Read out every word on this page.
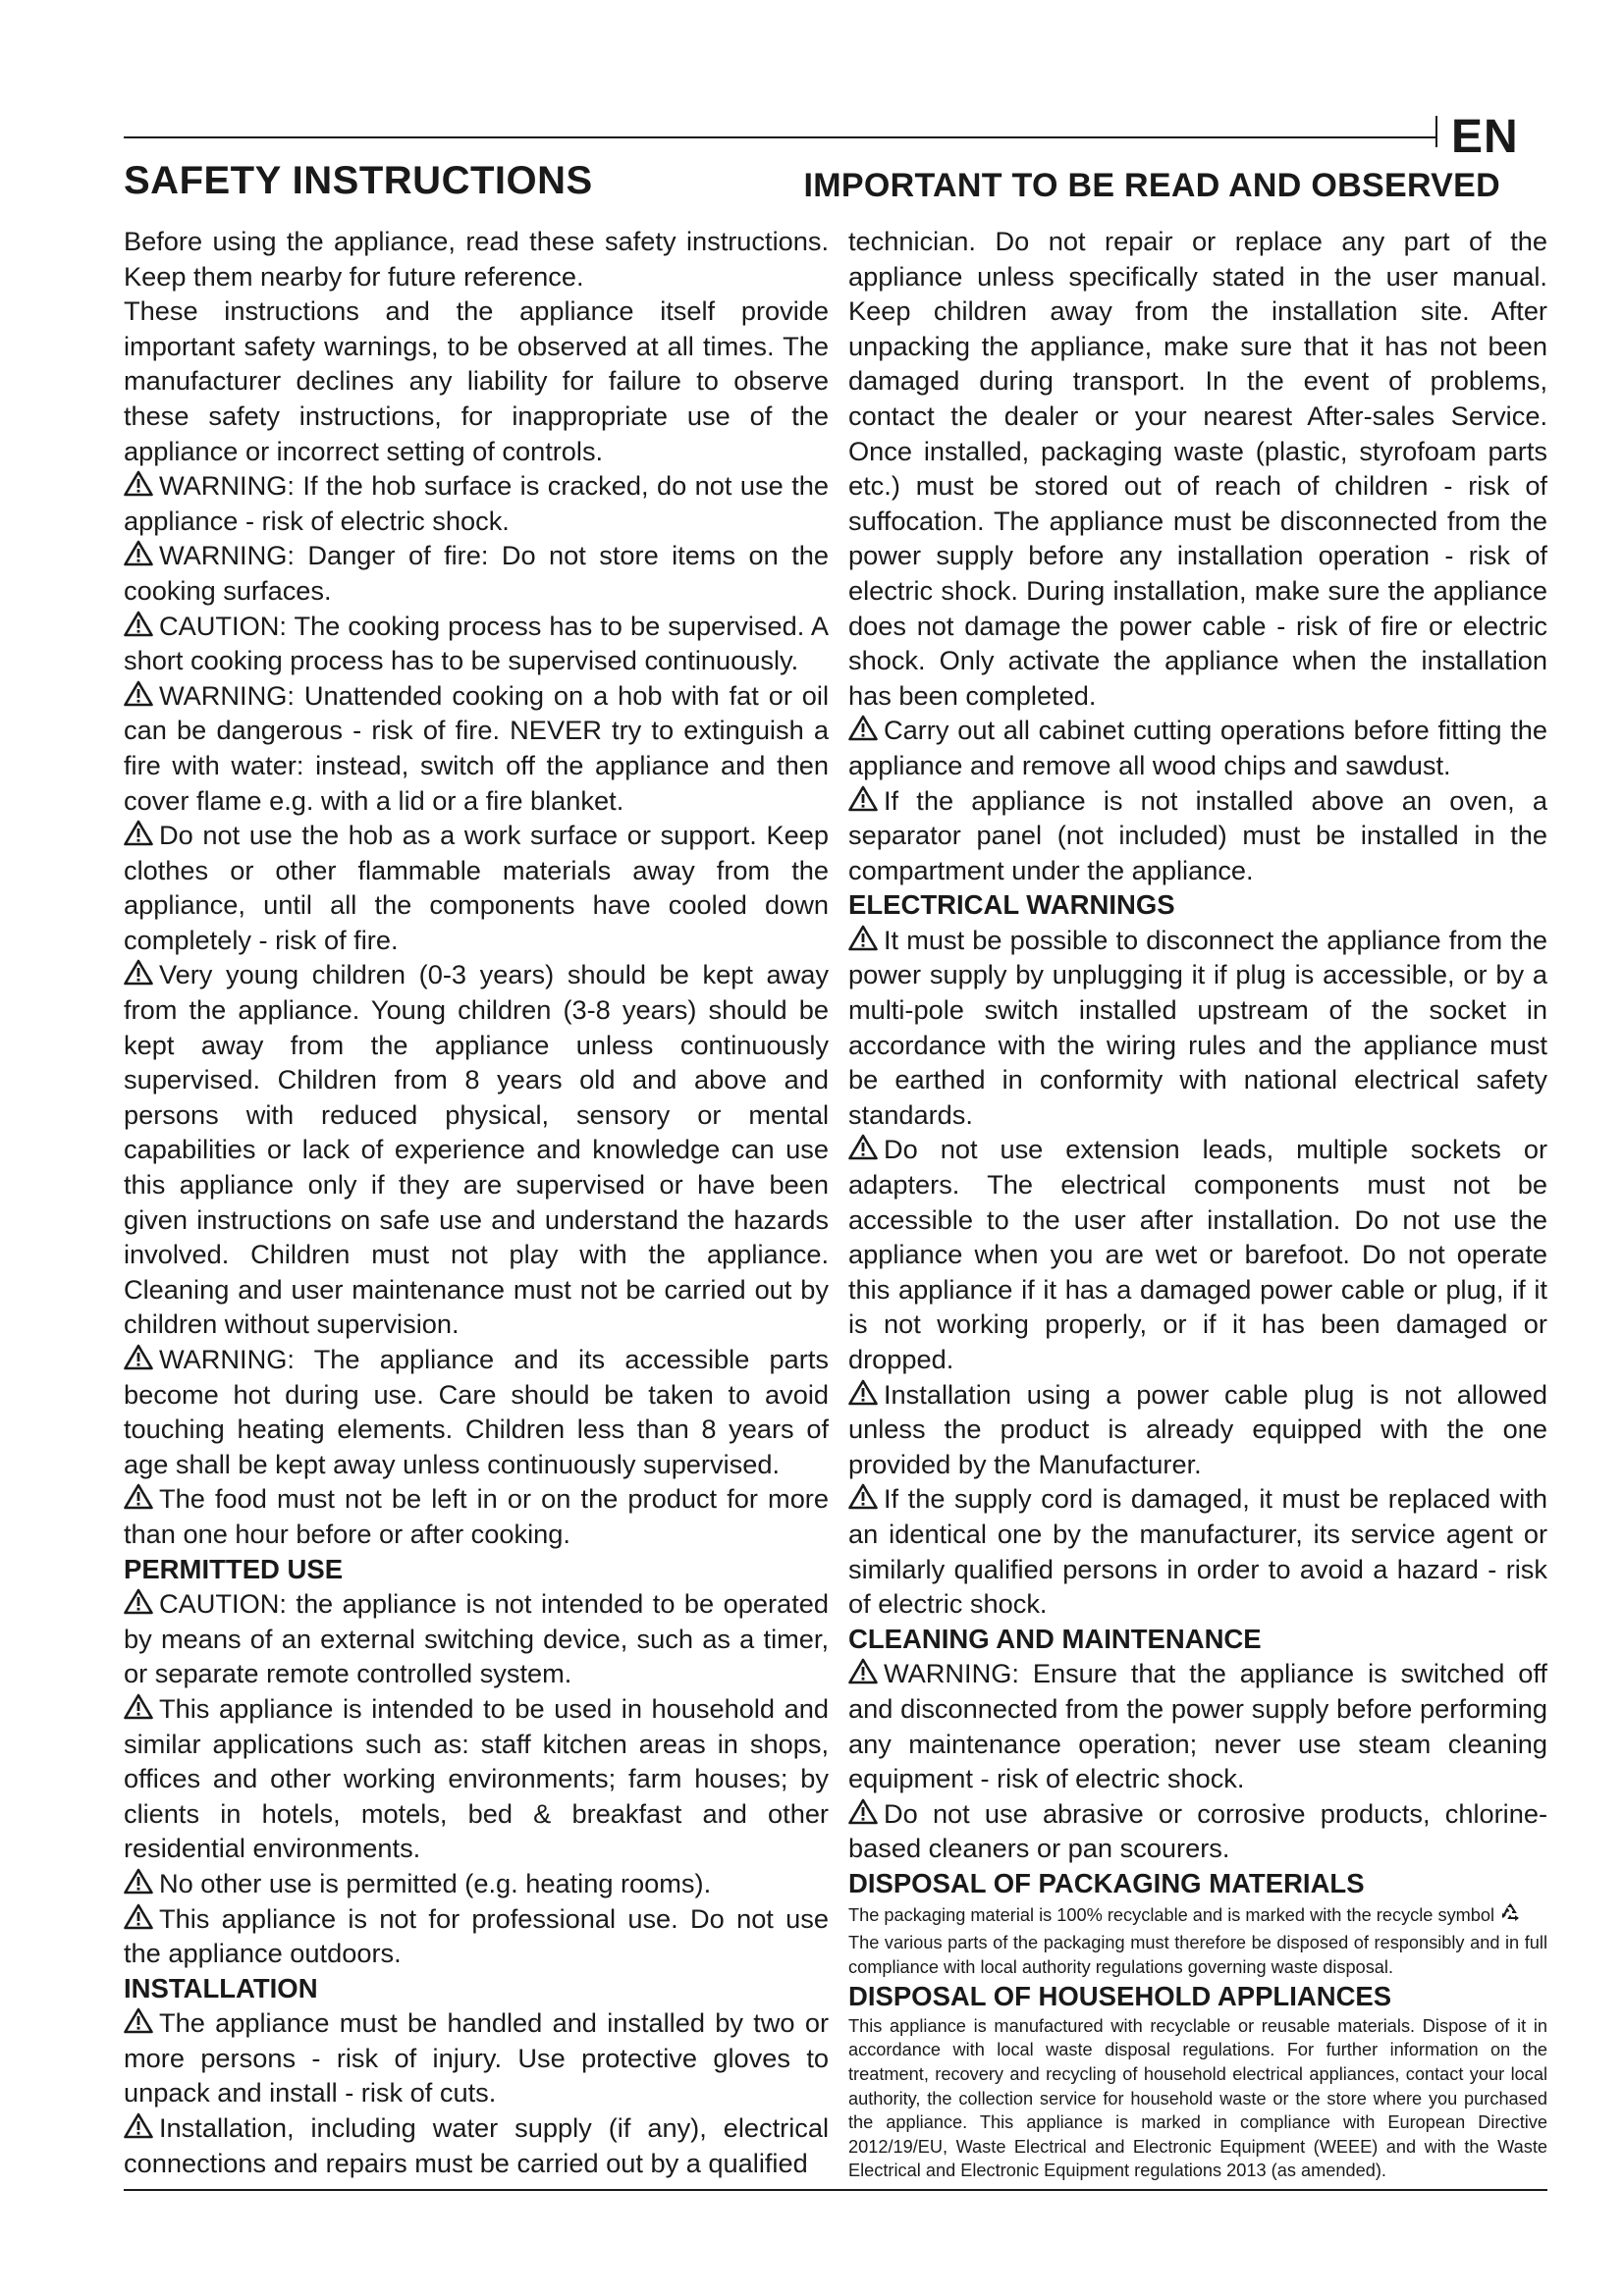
EN
SAFETY INSTRUCTIONS	IMPORTANT TO BE READ AND OBSERVED

Before using the appliance, read these safety instructions. Keep them nearby for future reference.

These instructions and the appliance itself provide important safety warnings, to be observed at all times. The manufacturer declines any liability for failure to observe these safety instructions, for inappropriate use of the appliance or incorrect setting of controls.

WARNING: If the hob surface is cracked, do not use the appliance - risk of electric shock.

WARNING: Danger of fire: Do not store items on the cooking surfaces.

CAUTION: The cooking process has to be supervised. A short cooking process has to be supervised continuously.

WARNING: Unattended cooking on a hob with fat or oil can be dangerous - risk of fire. NEVER try to extinguish a fire with water: instead, switch off the appliance and then cover flame e.g. with a lid or a fire blanket.

Do not use the hob as a work surface or support. Keep clothes or other flammable materials away from the appliance, until all the components have cooled down completely - risk of fire.

Very young children (0-3 years) should be kept away from the appliance. Young children (3-8 years) should be kept away from the appliance unless continuously supervised. Children from 8 years old and above and persons with reduced physical, sensory or mental capabilities or lack of experience and knowledge can use this appliance only if they are supervised or have been given instructions on safe use and understand the hazards involved. Children must not play with the appliance. Cleaning and user maintenance must not be carried out by children without supervision.

WARNING: The appliance and its accessible parts become hot during use. Care should be taken to avoid touching heating elements. Children less than 8 years of age shall be kept away unless continuously supervised.

The food must not be left in or on the product for more than one hour before or after cooking.

PERMITTED USE

CAUTION: the appliance is not intended to be operated by means of an external switching device, such as a timer, or separate remote controlled system.

This appliance is intended to be used in household and similar applications such as: staff kitchen areas in shops, offices and other working environments; farm houses; by clients in hotels, motels, bed & breakfast and other residential environments.

No other use is permitted (e.g. heating rooms).

This appliance is not for professional use. Do not use the appliance outdoors.

INSTALLATION

The appliance must be handled and installed by two or more persons - risk of injury. Use protective gloves to unpack and install - risk of cuts.

Installation, including water supply (if any), electrical connections and repairs must be carried out by a qualified

technician. Do not repair or replace any part of the appliance unless specifically stated in the user manual. Keep children away from the installation site. After unpacking the appliance, make sure that it has not been damaged during transport. In the event of problems, contact the dealer or your nearest After-sales Service. Once installed, packaging waste (plastic, styrofoam parts etc.) must be stored out of reach of children - risk of suffocation. The appliance must be disconnected from the power supply before any installation operation - risk of electric shock. During installation, make sure the appliance does not damage the power cable - risk of fire or electric shock. Only activate the appliance when the installation has been completed.

Carry out all cabinet cutting operations before fitting the appliance and remove all wood chips and sawdust.

If the appliance is not installed above an oven, a separator panel (not included) must be installed in the compartment under the appliance.

ELECTRICAL WARNINGS

It must be possible to disconnect the appliance from the power supply by unplugging it if plug is accessible, or by a multi-pole switch installed upstream of the socket in accordance with the wiring rules and the appliance must be earthed in conformity with national electrical safety standards.

Do not use extension leads, multiple sockets or adapters. The electrical components must not be accessible to the user after installation. Do not use the appliance when you are wet or barefoot. Do not operate this appliance if it has a damaged power cable or plug, if it is not working properly, or if it has been damaged or dropped.

Installation using a power cable plug is not allowed unless the product is already equipped with the one provided by the Manufacturer.

If the supply cord is damaged, it must be replaced with an identical one by the manufacturer, its service agent or similarly qualified persons in order to avoid a hazard - risk of electric shock.

CLEANING AND MAINTENANCE

WARNING: Ensure that the appliance is switched off and disconnected from the power supply before performing any maintenance operation; never use steam cleaning equipment - risk of electric shock.

Do not use abrasive or corrosive products, chlorine-based cleaners or pan scourers.

DISPOSAL OF PACKAGING MATERIALS

The packaging material is 100% recyclable and is marked with the recycle symbol

The various parts of the packaging must therefore be disposed of responsibly and in full compliance with local authority regulations governing waste disposal.

DISPOSAL OF HOUSEHOLD APPLIANCES

This appliance is manufactured with recyclable or reusable materials. Dispose of it in accordance with local waste disposal regulations. For further information on the treatment, recovery and recycling of household electrical appliances, contact your local authority, the collection service for household waste or the store where you purchased the appliance. This appliance is marked in compliance with European Directive 2012/19/EU, Waste Electrical and Electronic Equipment (WEEE) and with the Waste Electrical and Electronic Equipment regulations 2013 (as amended).
